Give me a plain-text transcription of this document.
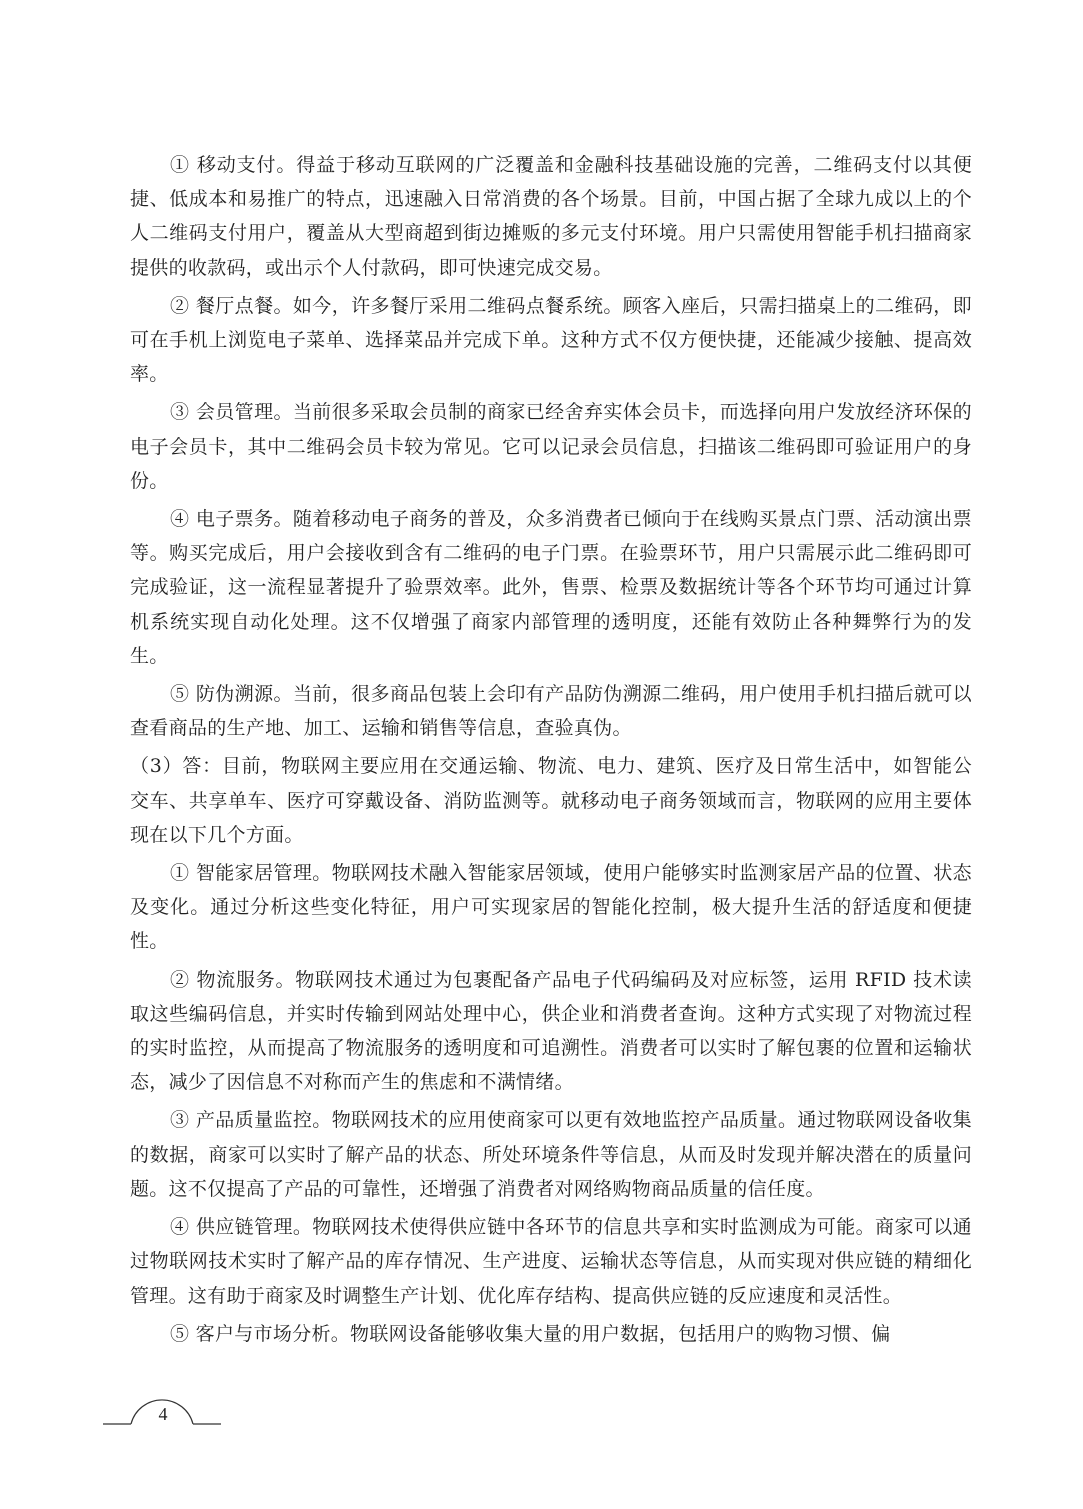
① 移动支付。得益于移动互联网的广泛覆盖和金融科技基础设施的完善，二维码支付以其便捷、低成本和易推广的特点，迅速融入日常消费的各个场景。目前，中国占据了全球九成以上的个人二维码支付用户，覆盖从大型商超到街边摊贩的多元支付环境。用户只需使用智能手机扫描商家提供的收款码，或出示个人付款码，即可快速完成交易。

② 餐厅点餐。如今，许多餐厅采用二维码点餐系统。顾客入座后，只需扫描桌上的二维码，即可在手机上浏览电子菜单、选择菜品并完成下单。这种方式不仅方便快捷，还能减少接触、提高效率。

③ 会员管理。当前很多采取会员制的商家已经舍弃实体会员卡，而选择向用户发放经济环保的电子会员卡，其中二维码会员卡较为常见。它可以记录会员信息，扫描该二维码即可验证用户的身份。

④ 电子票务。随着移动电子商务的普及，众多消费者已倾向于在线购买景点门票、活动演出票等。购买完成后，用户会接收到含有二维码的电子门票。在验票环节，用户只需展示此二维码即可完成验证，这一流程显著提升了验票效率。此外，售票、检票及数据统计等各个环节均可通过计算机系统实现自动化处理。这不仅增强了商家内部管理的透明度，还能有效防止各种舞弊行为的发生。

⑤ 防伪溯源。当前，很多商品包装上会印有产品防伪溯源二维码，用户使用手机扫描后就可以查看商品的生产地、加工、运输和销售等信息，查验真伪。

（3）答：目前，物联网主要应用在交通运输、物流、电力、建筑、医疗及日常生活中，如智能公交车、共享单车、医疗可穿戴设备、消防监测等。就移动电子商务领域而言，物联网的应用主要体现在以下几个方面。

① 智能家居管理。物联网技术融入智能家居领域，使用户能够实时监测家居产品的位置、状态及变化。通过分析这些变化特征，用户可实现家居的智能化控制，极大提升生活的舒适度和便捷性。

② 物流服务。物联网技术通过为包裹配备产品电子代码编码及对应标签，运用 RFID 技术读取这些编码信息，并实时传输到网站处理中心，供企业和消费者查询。这种方式实现了对物流过程的实时监控，从而提高了物流服务的透明度和可追溯性。消费者可以实时了解包裹的位置和运输状态，减少了因信息不对称而产生的焦虑和不满情绪。

③ 产品质量监控。物联网技术的应用使商家可以更有效地监控产品质量。通过物联网设备收集的数据，商家可以实时了解产品的状态、所处环境条件等信息，从而及时发现并解决潜在的质量问题。这不仅提高了产品的可靠性，还增强了消费者对网络购物商品质量的信任度。

④ 供应链管理。物联网技术使得供应链中各环节的信息共享和实时监测成为可能。商家可以通过物联网技术实时了解产品的库存情况、生产进度、运输状态等信息，从而实现对供应链的精细化管理。这有助于商家及时调整生产计划、优化库存结构、提高供应链的反应速度和灵活性。

⑤ 客户与市场分析。物联网设备能够收集大量的用户数据，包括用户的购物习惯、偏

4
